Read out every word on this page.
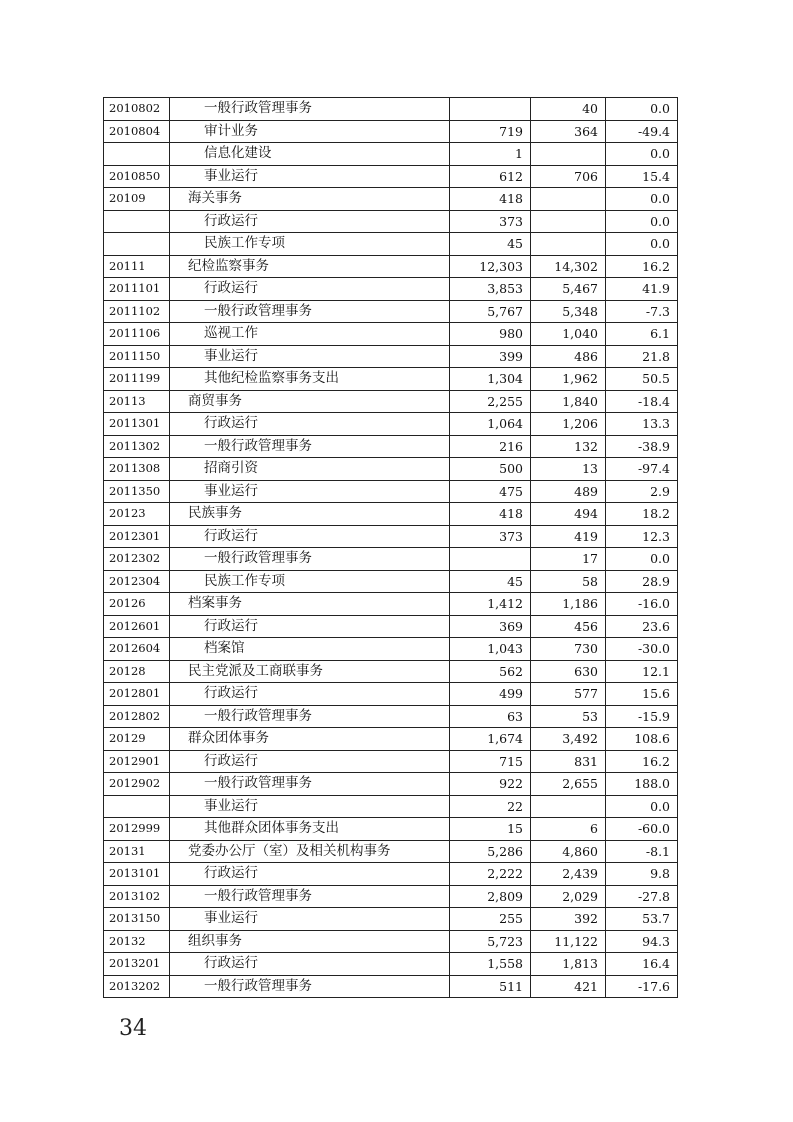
2010802	一般行政管理事务		40	0.0
2010804	审计业务	719	364	-49.4
	信息化建设	1		0.0
2010850	事业运行	612	706	15.4
20109	海关事务	418		0.0
	行政运行	373		0.0
	民族工作专项	45		0.0
20111	纪检监察事务	12,303	14,302	16.2
2011101	行政运行	3,853	5,467	41.9
2011102	一般行政管理事务	5,767	5,348	-7.3
2011106	巡视工作	980	1,040	6.1
2011150	事业运行	399	486	21.8
2011199	其他纪检监察事务支出	1,304	1,962	50.5
20113	商贸事务	2,255	1,840	-18.4
2011301	行政运行	1,064	1,206	13.3
2011302	一般行政管理事务	216	132	-38.9
2011308	招商引资	500	13	-97.4
2011350	事业运行	475	489	2.9
20123	民族事务	418	494	18.2
2012301	行政运行	373	419	12.3
2012302	一般行政管理事务		17	0.0
2012304	民族工作专项	45	58	28.9
20126	档案事务	1,412	1,186	-16.0
2012601	行政运行	369	456	23.6
2012604	档案馆	1,043	730	-30.0
20128	民主党派及工商联事务	562	630	12.1
2012801	行政运行	499	577	15.6
2012802	一般行政管理事务	63	53	-15.9
20129	群众团体事务	1,674	3,492	108.6
2012901	行政运行	715	831	16.2
2012902	一般行政管理事务	922	2,655	188.0
	事业运行	22		0.0
2012999	其他群众团体事务支出	15	6	-60.0
20131	党委办公厅（室）及相关机构事务	5,286	4,860	-8.1
2013101	行政运行	2,222	2,439	9.8
2013102	一般行政管理事务	2,809	2,029	-27.8
2013150	事业运行	255	392	53.7
20132	组织事务	5,723	11,122	94.3
2013201	行政运行	1,558	1,813	16.4
2013202	一般行政管理事务	511	421	-17.6
34
